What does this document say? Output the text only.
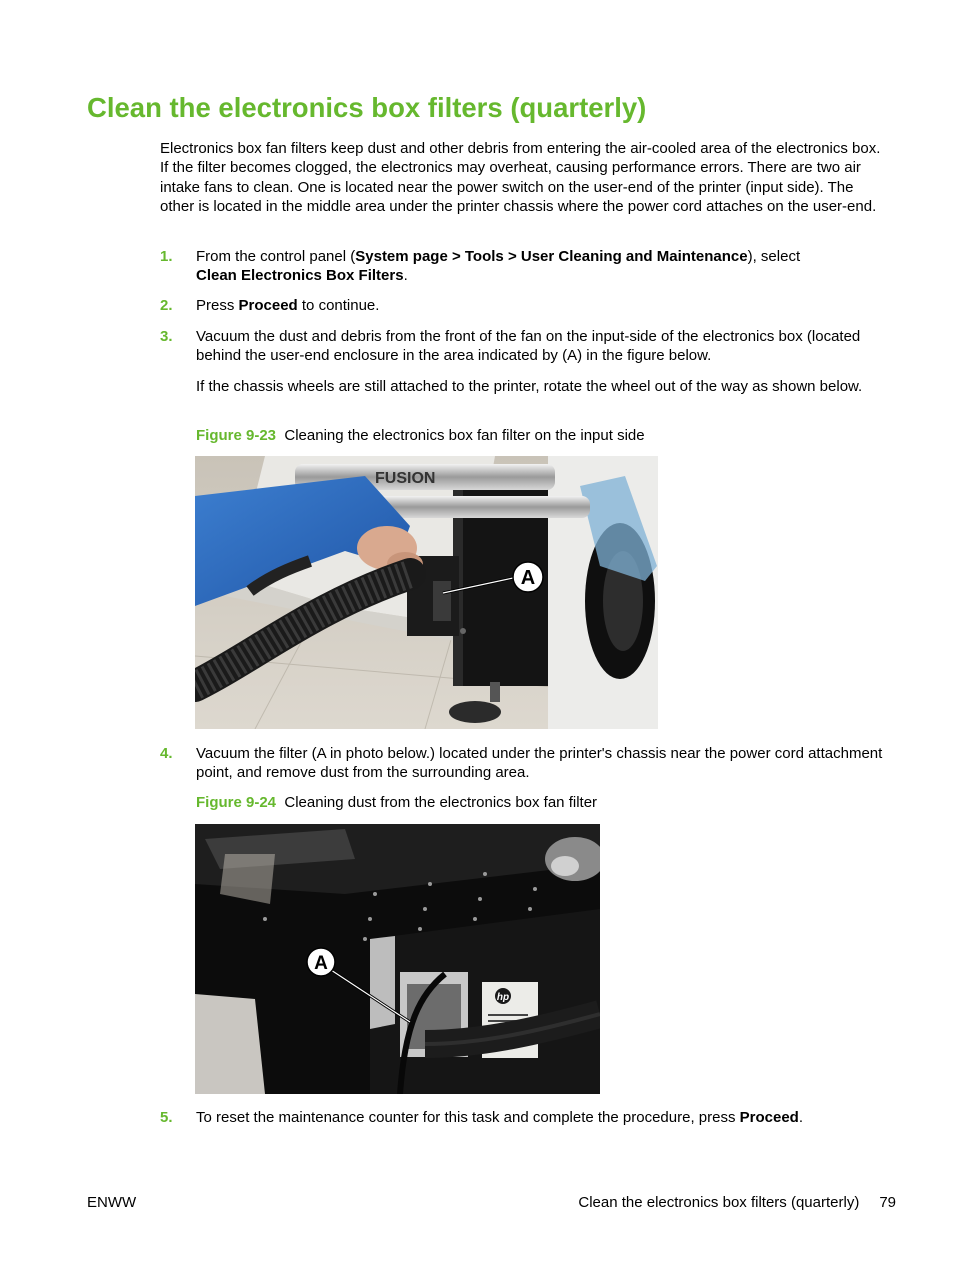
Clean the electronics box filters (quarterly)

Electronics box fan filters keep dust and other debris from entering the air-cooled area of the electronics box. If the filter becomes clogged, the electronics may overheat, causing performance errors. There are two air intake fans to clean. One is located near the power switch on the user-end of the printer (input side). The other is located in the middle area under the printer chassis where the power cord attaches on the user-end.

1. From the control panel (System page > Tools > User Cleaning and Maintenance), select
Clean Electronics Box Filters.
2. Press Proceed to continue.
3. Vacuum the dust and debris from the front of the fan on the input-side of the electronics box (located behind the user-end enclosure in the area indicated by (A) in the figure below.

If the chassis wheels are still attached to the printer, rotate the wheel out of the way as shown below.

Figure 9-23 Cleaning the electronics box fan filter on the input side
FUSION
A
4. Vacuum the filter (A in photo below.) located under the printer's chassis near the power cord attachment point, and remove dust from the surrounding area.
Figure 9-24 Cleaning dust from the electronics box fan filter
hp
A
5. To reset the maintenance counter for this task and complete the procedure, press Proceed.
ENWW	Clean the electronics box filters (quarterly) 79
